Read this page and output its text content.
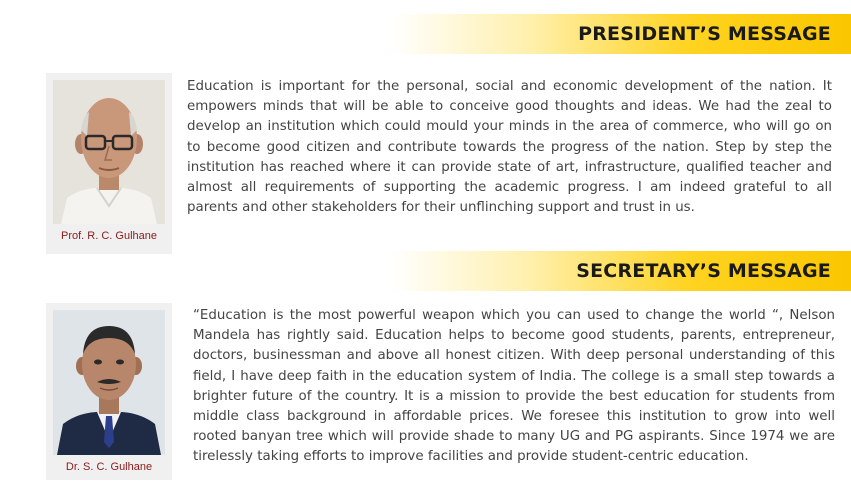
PRESIDENT’S MESSAGE
Prof. R. C. Gulhane

Education is important for the personal, social and economic development of the nation. It empowers minds that will be able to conceive good thoughts and ideas. We had the zeal to develop an institution which could mould your minds in the area of commerce, who will go on to become good citizen and contribute towards the progress of the nation. Step by step the institution has reached where it can provide state of art, infrastructure, qualified teacher and almost all requirements of supporting the academic progress. I am indeed grateful to all parents and other stakeholders for their unflinching support and trust in us.

SECRETARY’S MESSAGE
Dr. S. C. Gulhane

“Education is the most powerful weapon which you can used to change the world “, Nelson Mandela has rightly said. Education helps to become good students, parents, entrepreneur, doctors, businessman and above all honest citizen. With deep personal understanding of this field, I have deep faith in the education system of India. The college is a small step towards a brighter future of the country. It is a mission to provide the best education for students from middle class background in affordable prices. We foresee this institution to grow into well rooted banyan tree which will provide shade to many UG and PG aspirants. Since 1974 we are tirelessly taking efforts to improve facilities and provide student-centric education.
